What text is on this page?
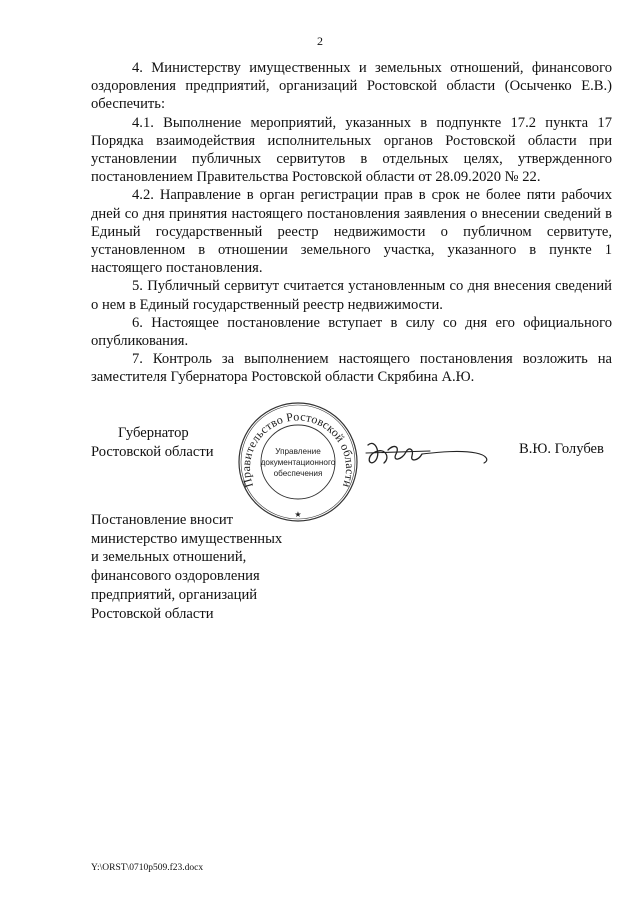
2

4. Министерству имущественных и земельных отношений, финансового оздоровления предприятий, организаций Ростовской области (Осыченко Е.В.) обеспечить:

4.1. Выполнение мероприятий, указанных в подпункте 17.2 пункта 17 Порядка взаимодействия исполнительных органов Ростовской области при установлении публичных сервитутов в отдельных целях, утвержденного постановлением Правительства Ростовской области от 28.09.2020 № 22.

4.2. Направление в орган регистрации прав в срок не более пяти рабочих дней со дня принятия настоящего постановления заявления о внесении сведений в Единый государственный реестр недвижимости о публичном сервитуте, установленном в отношении земельного участка, указанного в пункте 1 настоящего постановления.

5. Публичный сервитут считается установленным со дня внесения сведений о нем в Единый государственный реестр недвижимости.

6. Настоящее постановление вступает в силу со дня его официального опубликования.

7. Контроль за выполнением настоящего постановления возложить на заместителя Губернатора Ростовской области Скрябина А.Ю.

Губернатор
Ростовской области
Правительство Ростовской области
Управление
документационного
обеспечения
★
В.Ю. Голубев
Постановление вносит
министерство имущественных
и земельных отношений,
финансового оздоровления
предприятий, организаций
Ростовской области
Y:\ORST\0710p509.f23.docx
